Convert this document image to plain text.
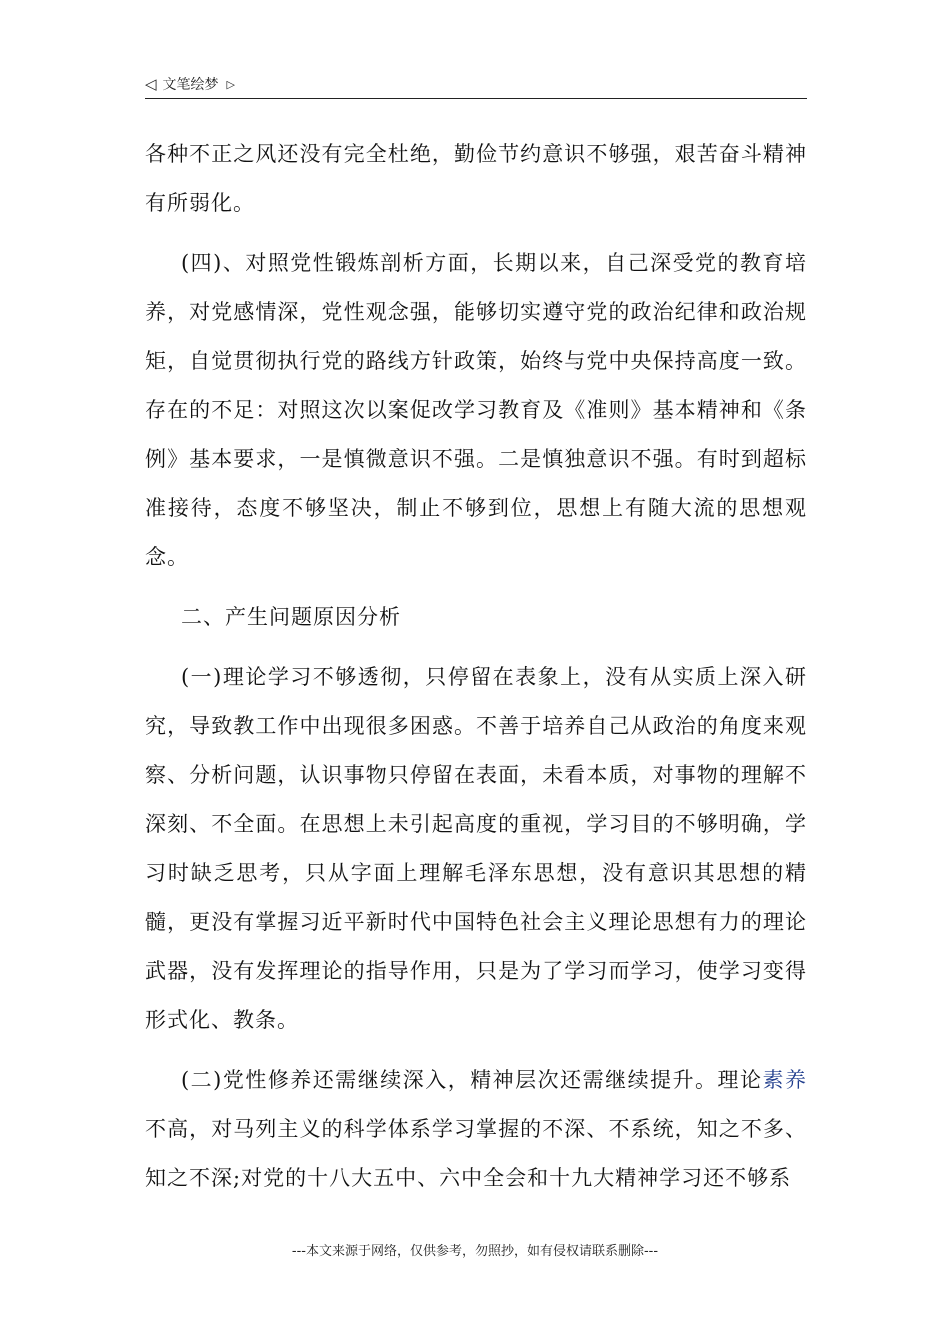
◁ 文笔绘梦 ▷

各种不正之风还没有完全杜绝，勤俭节约意识不够强，艰苦奋斗精神有所弱化。

(四)、对照党性锻炼剖析方面，长期以来，自己深受党的教育培养，对党感情深，党性观念强，能够切实遵守党的政治纪律和政治规矩，自觉贯彻执行党的路线方针政策，始终与党中央保持高度一致。存在的不足：对照这次以案促改学习教育及《准则》基本精神和《条例》基本要求，一是慎微意识不强。二是慎独意识不强。有时到超标准接待，态度不够坚决，制止不够到位，思想上有随大流的思想观念。

二、产生问题原因分析

(一)理论学习不够透彻，只停留在表象上，没有从实质上深入研究，导致教工作中出现很多困惑。不善于培养自己从政治的角度来观察、分析问题，认识事物只停留在表面，未看本质，对事物的理解不深刻、不全面。在思想上未引起高度的重视，学习目的不够明确，学习时缺乏思考，只从字面上理解毛泽东思想，没有意识其思想的精髓，更没有掌握习近平新时代中国特色社会主义理论思想有力的理论武器，没有发挥理论的指导作用，只是为了学习而学习，使学习变得形式化、教条。

(二)党性修养还需继续深入，精神层次还需继续提升。理论素养不高，对马列主义的科学体系学习掌握的不深、不系统，知之不多、知之不深;对党的十八大五中、六中全会和十九大精神学习还不够系

---本文来源于网络，仅供参考，勿照抄，如有侵权请联系删除---
